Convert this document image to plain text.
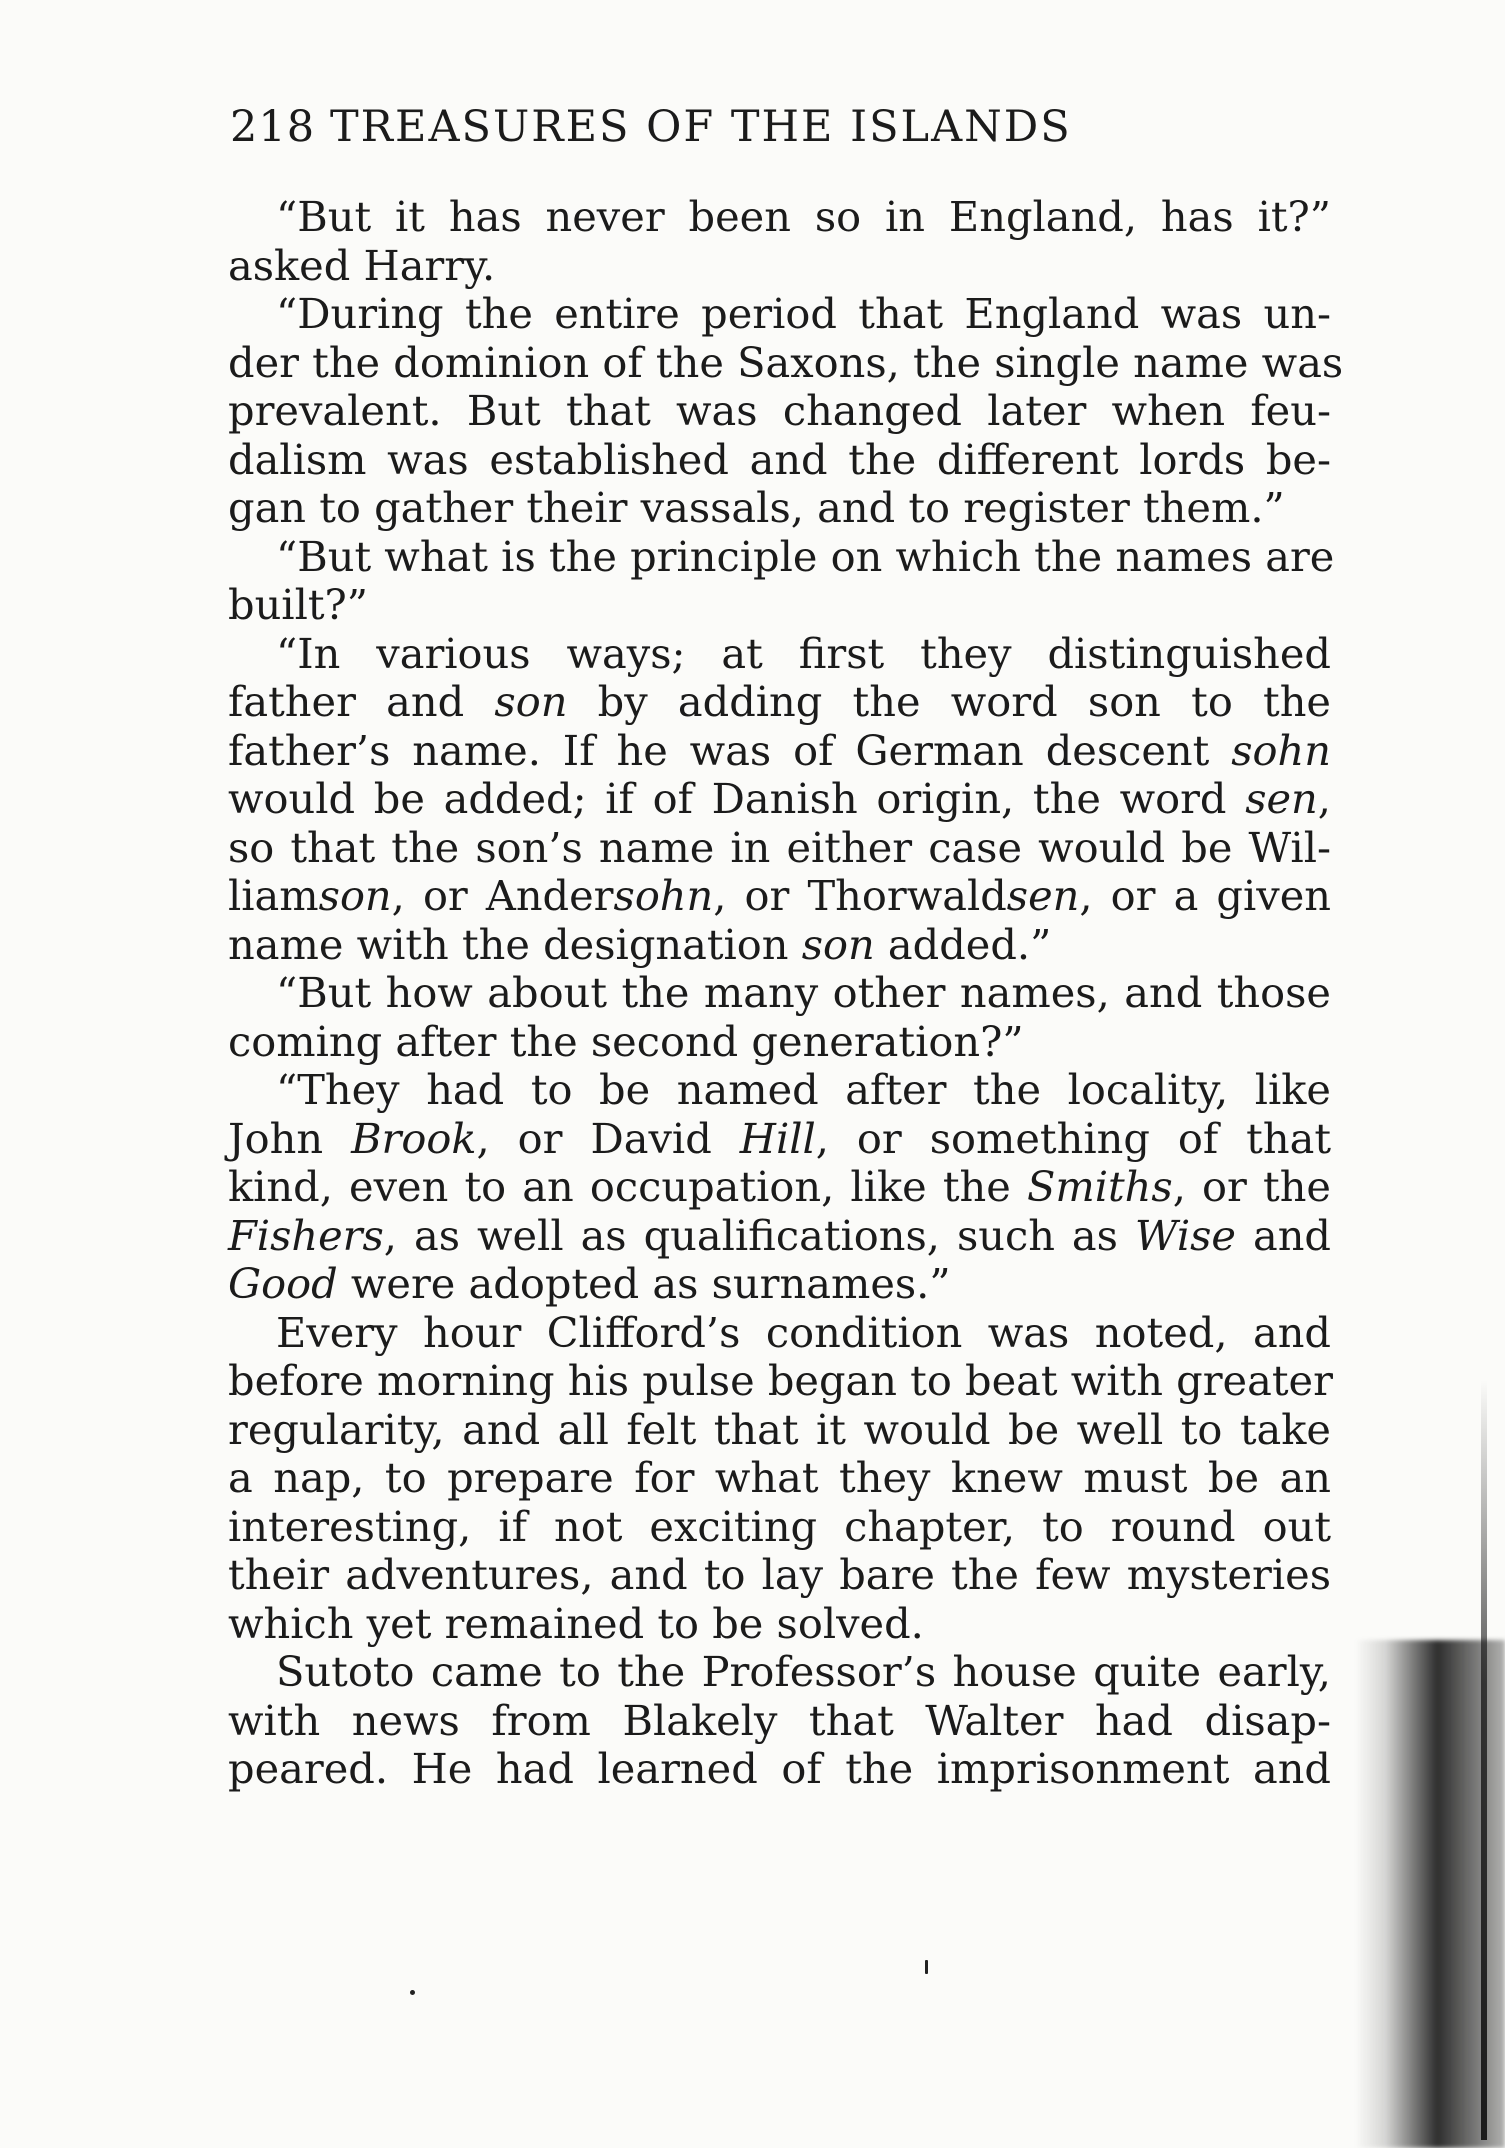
218 TREASURES OF THE ISLANDS
“But it has never been so in England, has it?”
asked Harry.
“During the entire period that England was un-
der the dominion of the Saxons, the single name was
prevalent. But that was changed later when feu-
dalism was established and the different lords be-
gan to gather their vassals, and to register them.”
“But what is the principle on which the names are
built?”
“In various ways; at first they distinguished
father and son by adding the word son to the
father’s name. If he was of German descent sohn
would be added; if of Danish origin, the word sen,
so that the son’s name in either case would be Wil-
liamson, or Andersohn, or Thorwaldsen, or a given
name with the designation son added.”
“But how about the many other names, and those
coming after the second generation?”
“They had to be named after the locality, like
John Brook, or David Hill, or something of that
kind, even to an occupation, like the Smiths, or the
Fishers, as well as qualifications, such as Wise and
Good were adopted as surnames.”
Every hour Clifford’s condition was noted, and
before morning his pulse began to beat with greater
regularity, and all felt that it would be well to take
a nap, to prepare for what they knew must be an
interesting, if not exciting chapter, to round out
their adventures, and to lay bare the few mysteries
which yet remained to be solved.
Sutoto came to the Professor’s house quite early,
with news from Blakely that Walter had disap-
peared. He had learned of the imprisonment and
